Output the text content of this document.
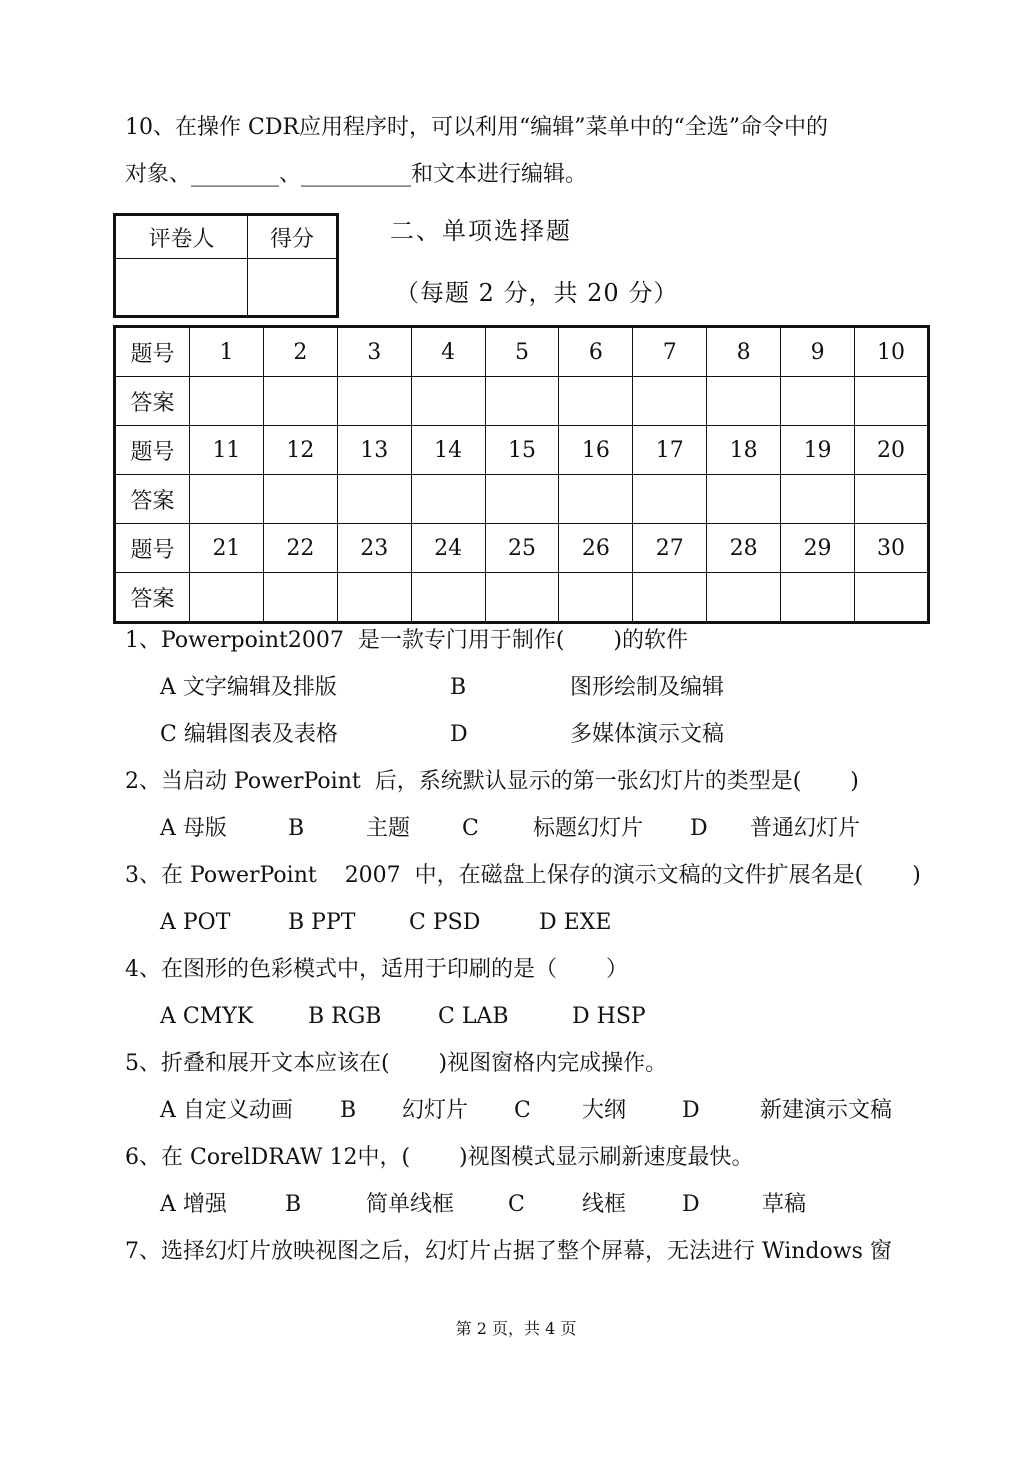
10、在操作 CDR应用程序时，可以利用“编辑”菜单中的“全选”命令中的
对象、________、__________和文本进行编辑。
评卷人	得分
		二、单项选择题
（每题 2 分，共 20 分）
题号	1	2	3	4	5	6	7	8	9	10
答案										
题号	11	12	13	14	15	16	17	18	19	20
答案										
题号	21	22	23	24	25	26	27	28	29	30
答案										
1、Powerpoint2007  是一款专门用于制作(       )的软件
A 文字编辑及排版	B	图形绘制及编辑
C 编辑图表及表格	D	多媒体演示文稿
2、当启动 PowerPoint  后，系统默认显示的第一张幻灯片的类型是(       )
A 母版	B	主题 C 标题幻灯片 D 普通幻灯片
3、在 PowerPoint    2007  中，在磁盘上保存的演示文稿的文件扩展名是(       )
A POT	B PPT C PSD	D EXE
4、在图形的色彩模式中，适用于印刷的是（       ）
A CMYK B RGB	C LAB	D HSP
5、折叠和展开文本应该在(       )视图窗格内完成操作。
A 自定义动画 B 幻灯片 C 大纲	D	新建演示文稿
6、在 CorelDRAW 12中，(       )视图模式显示刷新速度最快。
A 增强	B	简单线框 C	线框	D	草稿
7、选择幻灯片放映视图之后，幻灯片占据了整个屏幕，无法进行 Windows 窗
第 2 页，共 4 页
